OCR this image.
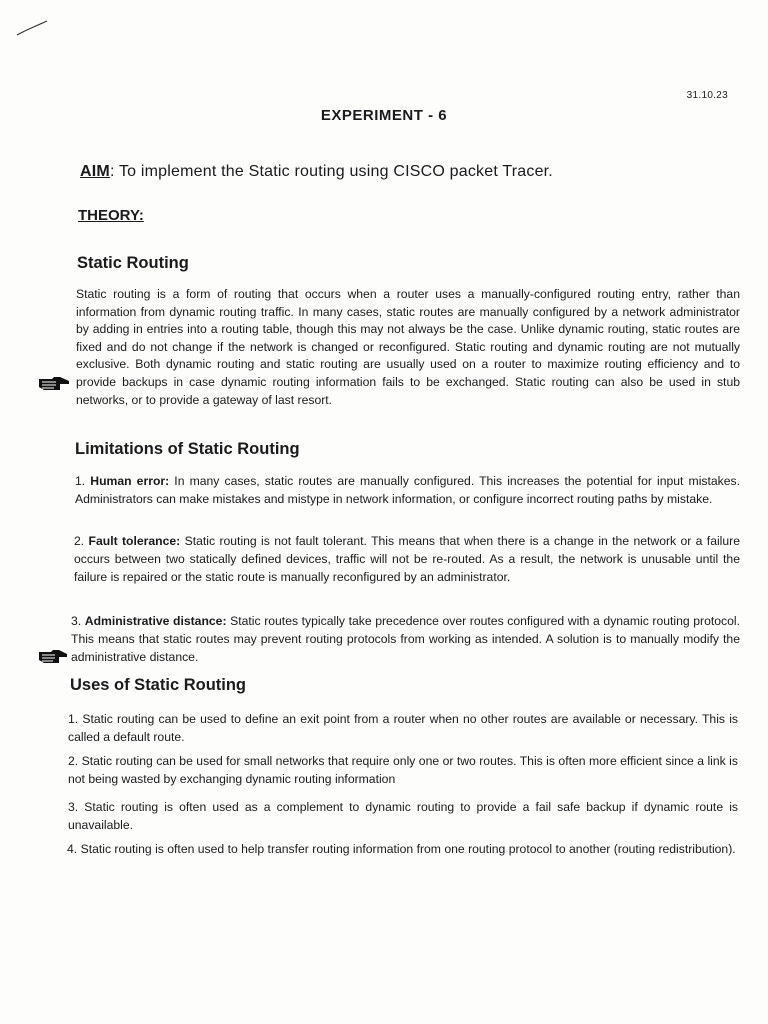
31.10.23
EXPERIMENT - 6
AIM: To implement the Static routing using CISCO packet Tracer.
THEORY:
Static Routing
Static routing is a form of routing that occurs when a router uses a manually-configured routing entry, rather than information from dynamic routing traffic. In many cases, static routes are manually configured by a network administrator by adding in entries into a routing table, though this may not always be the case. Unlike dynamic routing, static routes are fixed and do not change if the network is changed or reconfigured. Static routing and dynamic routing are not mutually exclusive. Both dynamic routing and static routing are usually used on a router to maximize routing efficiency and to provide backups in case dynamic routing information fails to be exchanged. Static routing can also be used in stub networks, or to provide a gateway of last resort.
Limitations of Static Routing
1. Human error: In many cases, static routes are manually configured. This increases the potential for input mistakes. Administrators can make mistakes and mistype in network information, or configure incorrect routing paths by mistake.
2. Fault tolerance: Static routing is not fault tolerant. This means that when there is a change in the network or a failure occurs between two statically defined devices, traffic will not be re-routed. As a result, the network is unusable until the failure is repaired or the static route is manually reconfigured by an administrator.
3. Administrative distance: Static routes typically take precedence over routes configured with a dynamic routing protocol. This means that static routes may prevent routing protocols from working as intended. A solution is to manually modify the administrative distance.
Uses of Static Routing
1. Static routing can be used to define an exit point from a router when no other routes are available or necessary. This is called a default route.
2. Static routing can be used for small networks that require only one or two routes. This is often more efficient since a link is not being wasted by exchanging dynamic routing information
3. Static routing is often used as a complement to dynamic routing to provide a fail safe backup if dynamic route is unavailable.
4. Static routing is often used to help transfer routing information from one routing protocol to another (routing redistribution).
